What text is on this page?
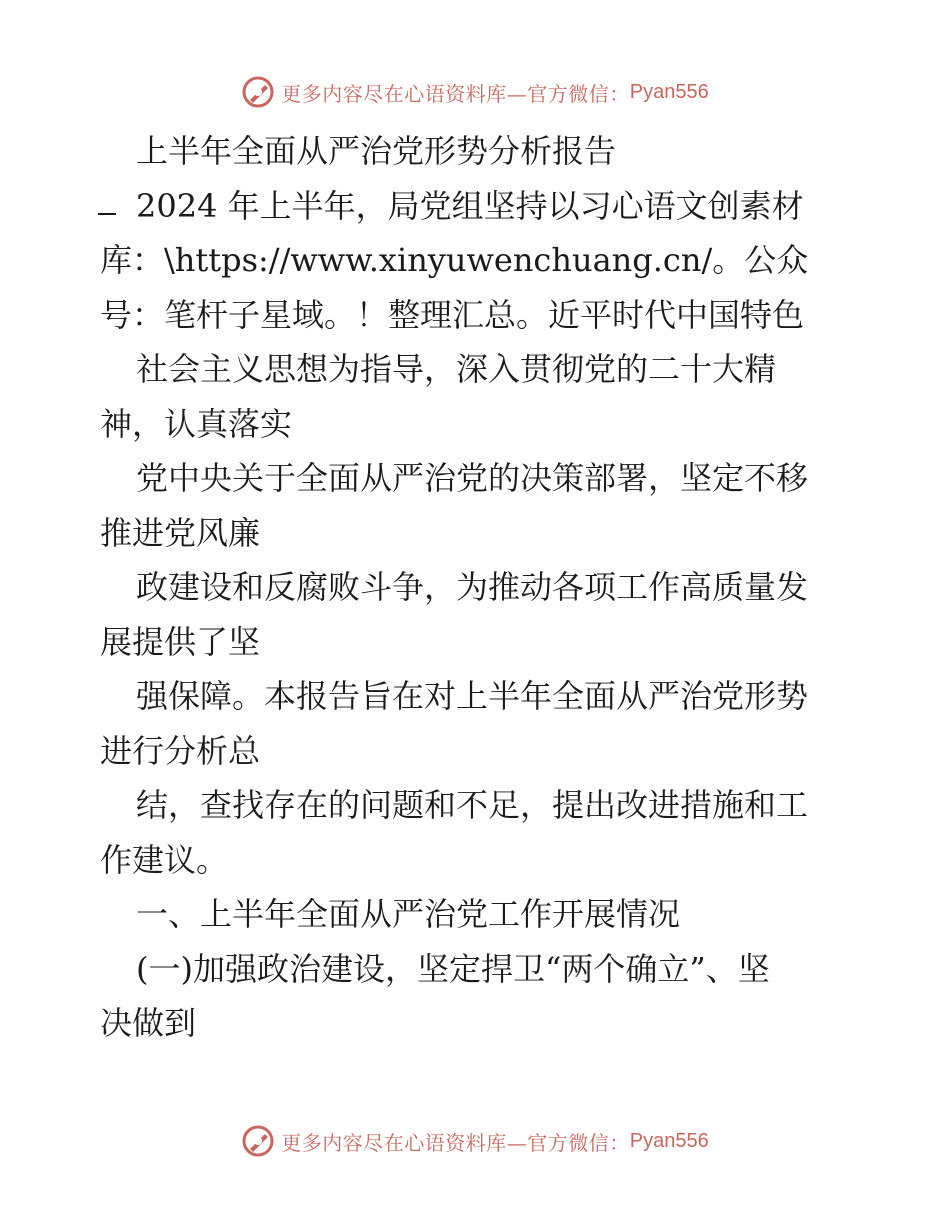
更多内容尽在心语资料库—官方微信： Pyan556
上半年全面从严治党形势分析报告
2024 年上半年，局党组坚持以习心语文创素材
库：\https://www.xinyuwenchuang.cn/。公众
号：笔杆子星域。！整理汇总。近平时代中国特色
社会主义思想为指导，深入贯彻党的二十大精
神，认真落实
党中央关于全面从严治党的决策部署，坚定不移
推进党风廉
政建设和反腐败斗争，为推动各项工作高质量发
展提供了坚
强保障。本报告旨在对上半年全面从严治党形势
进行分析总
结，查找存在的问题和不足，提出改进措施和工
作建议。
一、上半年全面从严治党工作开展情况
(一)加强政治建设，坚定捍卫“两个确立”、坚
决做到
更多内容尽在心语资料库—官方微信： Pyan556
